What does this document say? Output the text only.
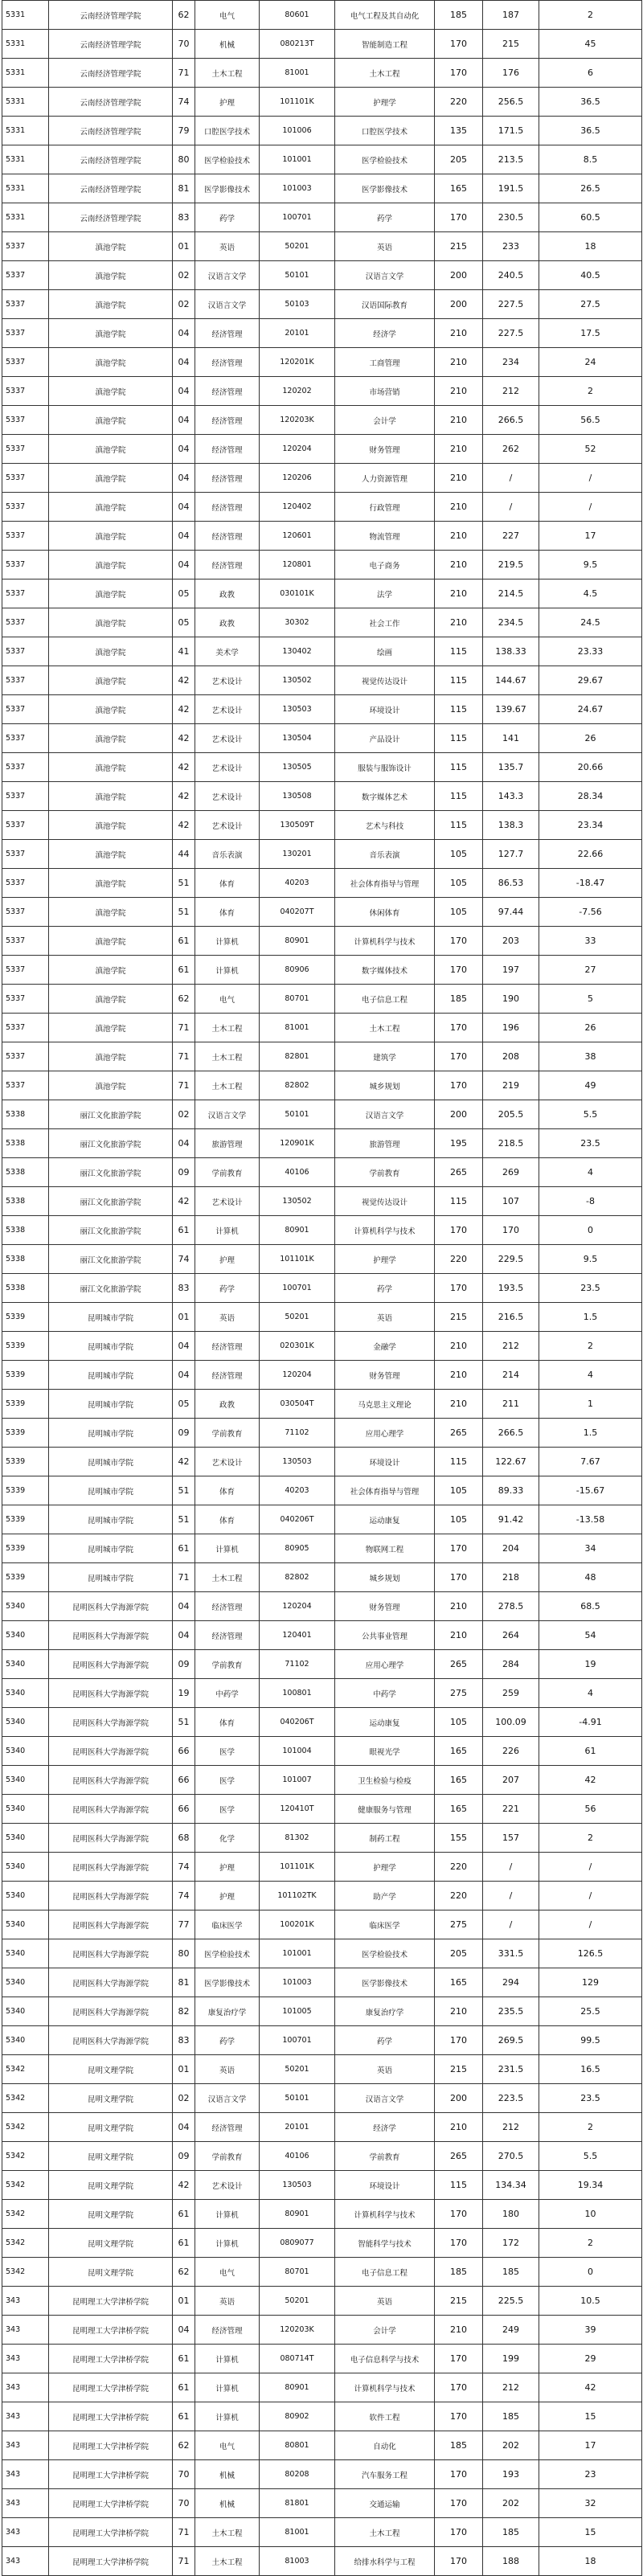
5331	云南经济管理学院	62	电气	80601	电气工程及其自动化	185	187	2
5331	云南经济管理学院	70	机械	080213T	智能制造工程	170	215	45
5331	云南经济管理学院	71	土木工程	81001	土木工程	170	176	6
5331	云南经济管理学院	74	护理	101101K	护理学	220	256.5	36.5
5331	云南经济管理学院	79	口腔医学技术	101006	口腔医学技术	135	171.5	36.5
5331	云南经济管理学院	80	医学检验技术	101001	医学检验技术	205	213.5	8.5
5331	云南经济管理学院	81	医学影像技术	101003	医学影像技术	165	191.5	26.5
5331	云南经济管理学院	83	药学	100701	药学	170	230.5	60.5
5337	滇池学院	01	英语	50201	英语	215	233	18
5337	滇池学院	02	汉语言文学	50101	汉语言文学	200	240.5	40.5
5337	滇池学院	02	汉语言文学	50103	汉语国际教育	200	227.5	27.5
5337	滇池学院	04	经济管理	20101	经济学	210	227.5	17.5
5337	滇池学院	04	经济管理	120201K	工商管理	210	234	24
5337	滇池学院	04	经济管理	120202	市场营销	210	212	2
5337	滇池学院	04	经济管理	120203K	会计学	210	266.5	56.5
5337	滇池学院	04	经济管理	120204	财务管理	210	262	52
5337	滇池学院	04	经济管理	120206	人力资源管理	210	/	/
5337	滇池学院	04	经济管理	120402	行政管理	210	/	/
5337	滇池学院	04	经济管理	120601	物流管理	210	227	17
5337	滇池学院	04	经济管理	120801	电子商务	210	219.5	9.5
5337	滇池学院	05	政教	030101K	法学	210	214.5	4.5
5337	滇池学院	05	政教	30302	社会工作	210	234.5	24.5
5337	滇池学院	41	美术学	130402	绘画	115	138.33	23.33
5337	滇池学院	42	艺术设计	130502	视觉传达设计	115	144.67	29.67
5337	滇池学院	42	艺术设计	130503	环境设计	115	139.67	24.67
5337	滇池学院	42	艺术设计	130504	产品设计	115	141	26
5337	滇池学院	42	艺术设计	130505	服装与服饰设计	115	135.7	20.66
5337	滇池学院	42	艺术设计	130508	数字媒体艺术	115	143.3	28.34
5337	滇池学院	42	艺术设计	130509T	艺术与科技	115	138.3	23.34
5337	滇池学院	44	音乐表演	130201	音乐表演	105	127.7	22.66
5337	滇池学院	51	体育	40203	社会体育指导与管理	105	86.53	-18.47
5337	滇池学院	51	体育	040207T	休闲体育	105	97.44	-7.56
5337	滇池学院	61	计算机	80901	计算机科学与技术	170	203	33
5337	滇池学院	61	计算机	80906	数字媒体技术	170	197	27
5337	滇池学院	62	电气	80701	电子信息工程	185	190	5
5337	滇池学院	71	土木工程	81001	土木工程	170	196	26
5337	滇池学院	71	土木工程	82801	建筑学	170	208	38
5337	滇池学院	71	土木工程	82802	城乡规划	170	219	49
5338	丽江文化旅游学院	02	汉语言文学	50101	汉语言文学	200	205.5	5.5
5338	丽江文化旅游学院	04	旅游管理	120901K	旅游管理	195	218.5	23.5
5338	丽江文化旅游学院	09	学前教育	40106	学前教育	265	269	4
5338	丽江文化旅游学院	42	艺术设计	130502	视觉传达设计	115	107	-8
5338	丽江文化旅游学院	61	计算机	80901	计算机科学与技术	170	170	0
5338	丽江文化旅游学院	74	护理	101101K	护理学	220	229.5	9.5
5338	丽江文化旅游学院	83	药学	100701	药学	170	193.5	23.5
5339	昆明城市学院	01	英语	50201	英语	215	216.5	1.5
5339	昆明城市学院	04	经济管理	020301K	金融学	210	212	2
5339	昆明城市学院	04	经济管理	120204	财务管理	210	214	4
5339	昆明城市学院	05	政教	030504T	马克思主义理论	210	211	1
5339	昆明城市学院	09	学前教育	71102	应用心理学	265	266.5	1.5
5339	昆明城市学院	42	艺术设计	130503	环境设计	115	122.67	7.67
5339	昆明城市学院	51	体育	40203	社会体育指导与管理	105	89.33	-15.67
5339	昆明城市学院	51	体育	040206T	运动康复	105	91.42	-13.58
5339	昆明城市学院	61	计算机	80905	物联网工程	170	204	34
5339	昆明城市学院	71	土木工程	82802	城乡规划	170	218	48
5340	昆明医科大学海源学院	04	经济管理	120204	财务管理	210	278.5	68.5
5340	昆明医科大学海源学院	04	经济管理	120401	公共事业管理	210	264	54
5340	昆明医科大学海源学院	09	学前教育	71102	应用心理学	265	284	19
5340	昆明医科大学海源学院	19	中药学	100801	中药学	275	259	4
5340	昆明医科大学海源学院	51	体育	040206T	运动康复	105	100.09	-4.91
5340	昆明医科大学海源学院	66	医学	101004	眼视光学	165	226	61
5340	昆明医科大学海源学院	66	医学	101007	卫生检验与检疫	165	207	42
5340	昆明医科大学海源学院	66	医学	120410T	健康服务与管理	165	221	56
5340	昆明医科大学海源学院	68	化学	81302	制药工程	155	157	2
5340	昆明医科大学海源学院	74	护理	101101K	护理学	220	/	/
5340	昆明医科大学海源学院	74	护理	101102TK	助产学	220	/	/
5340	昆明医科大学海源学院	77	临床医学	100201K	临床医学	275	/	/
5340	昆明医科大学海源学院	80	医学检验技术	101001	医学检验技术	205	331.5	126.5
5340	昆明医科大学海源学院	81	医学影像技术	101003	医学影像技术	165	294	129
5340	昆明医科大学海源学院	82	康复治疗学	101005	康复治疗学	210	235.5	25.5
5340	昆明医科大学海源学院	83	药学	100701	药学	170	269.5	99.5
5342	昆明文理学院	01	英语	50201	英语	215	231.5	16.5
5342	昆明文理学院	02	汉语言文学	50101	汉语言文学	200	223.5	23.5
5342	昆明文理学院	04	经济管理	20101	经济学	210	212	2
5342	昆明文理学院	09	学前教育	40106	学前教育	265	270.5	5.5
5342	昆明文理学院	42	艺术设计	130503	环境设计	115	134.34	19.34
5342	昆明文理学院	61	计算机	80901	计算机科学与技术	170	180	10
5342	昆明文理学院	61	计算机	0809077	智能科学与技术	170	172	2
5342	昆明文理学院	62	电气	80701	电子信息工程	185	185	0
343	昆明理工大学津桥学院	01	英语	50201	英语	215	225.5	10.5
343	昆明理工大学津桥学院	04	经济管理	120203K	会计学	210	249	39
343	昆明理工大学津桥学院	61	计算机	080714T	电子信息科学与技术	170	199	29
343	昆明理工大学津桥学院	61	计算机	80901	计算机科学与技术	170	212	42
343	昆明理工大学津桥学院	61	计算机	80902	软件工程	170	185	15
343	昆明理工大学津桥学院	62	电气	80801	自动化	185	202	17
343	昆明理工大学津桥学院	70	机械	80208	汽车服务工程	170	193	23
343	昆明理工大学津桥学院	70	机械	81801	交通运输	170	202	32
343	昆明理工大学津桥学院	71	土木工程	81001	土木工程	170	185	15
343	昆明理工大学津桥学院	71	土木工程	81003	给排水科学与工程	170	188	18
